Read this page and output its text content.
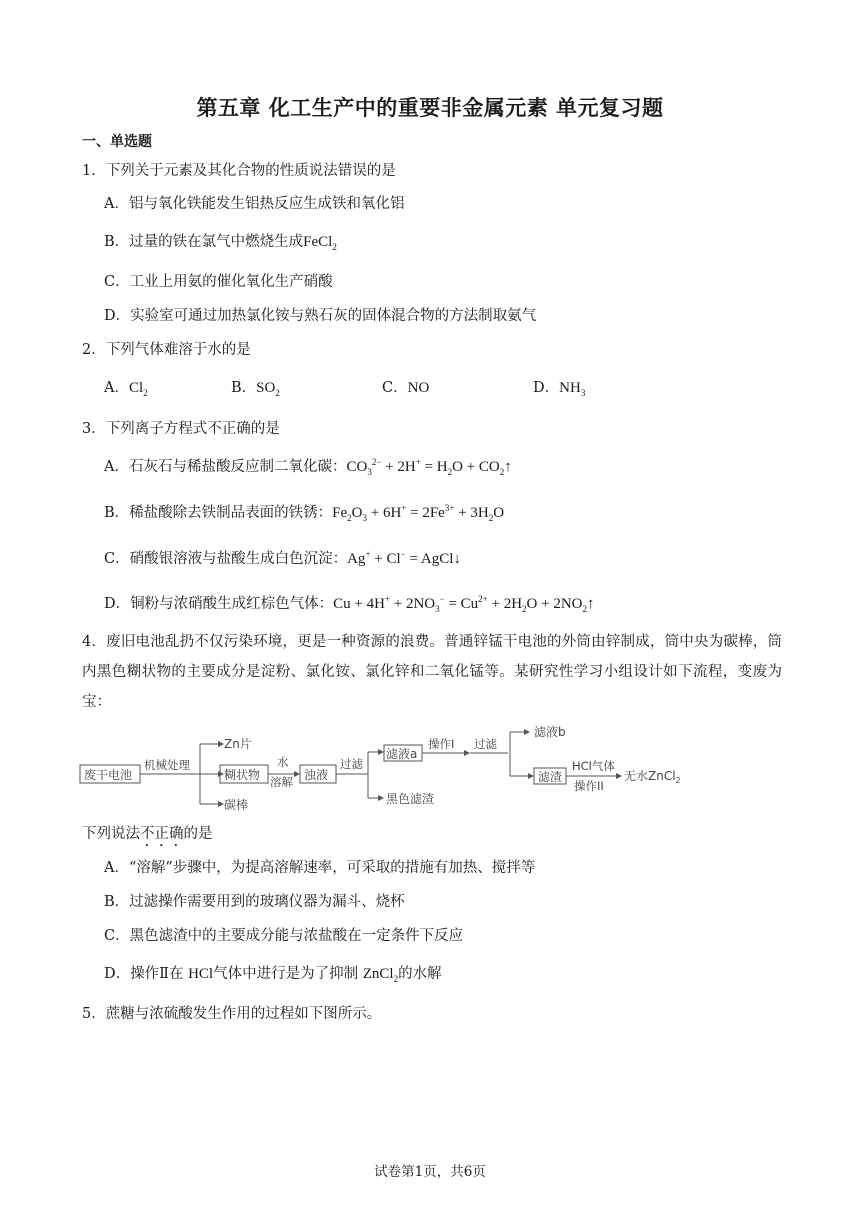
第五章 化工生产中的重要非金属元素 单元复习题
一、单选题
1．下列关于元素及其化合物的性质说法错误的是
A．铝与氧化铁能发生铝热反应生成铁和氧化铝
B．过量的铁在氯气中燃烧生成FeCl$_2$
C．工业上用氨的催化氧化生产硝酸
D．实验室可通过加热氯化铵与熟石灰的固体混合物的方法制取氨气
2．下列气体难溶于水的是
A．$Cl_2$	B．$SO_2$	C．NO	D．$NH_3$
3．下列离子方程式不正确的是
A．石灰石与稀盐酸反应制二氧化碳：$CO_3^{2-} + 2H^+ = H_2O$ + $CO_2↑$
B．稀盐酸除去铁制品表面的铁锈：$Fe_2O_3 + 6H^+ = 2Fe^{3+} + 3H_2O$
C．硝酸银溶液与盐酸生成白色沉淀：Ag+ + Cl− = AgCl↓
D．铜粉与浓硝酸生成红棕色气体：$Cu + 4H^+ + 2NO_3^- = Cu^{2+} + 2H_2O$ + $2NO_2↑$
4．废旧电池乱扔不仅污染环境，更是一种资源的浪费。普通锌锰干电池的外筒由锌制成，筒中央为碳棒，筒内黑色糊状物的主要成分是淀粉、氯化铵、氯化锌和二氧化锰等。某研究性学习小组设计如下流程，变废为宝：
废干电池
机械处理
Zn片
糊状物
碳棒
水
溶解 浊液
过滤
滤液a
黑色滤渣
操作I 过滤
滤液b
滤渣
HCl气体
操作II
无水ZnCl$_2$
下列说法不正确的是
A．“溶解”步骤中，为提高溶解速率，可采取的措施有加热、搅拌等
B．过滤操作需要用到的玻璃仪器为漏斗、烧杯
C．黑色滤渣中的主要成分能与浓盐酸在一定条件下反应
D．操作Ⅱ在 HCl气体中进行是为了抑制 ZnCl$_2$的水解
5．蔗糖与浓硫酸发生作用的过程如下图所示。
试卷第1页，共6页
